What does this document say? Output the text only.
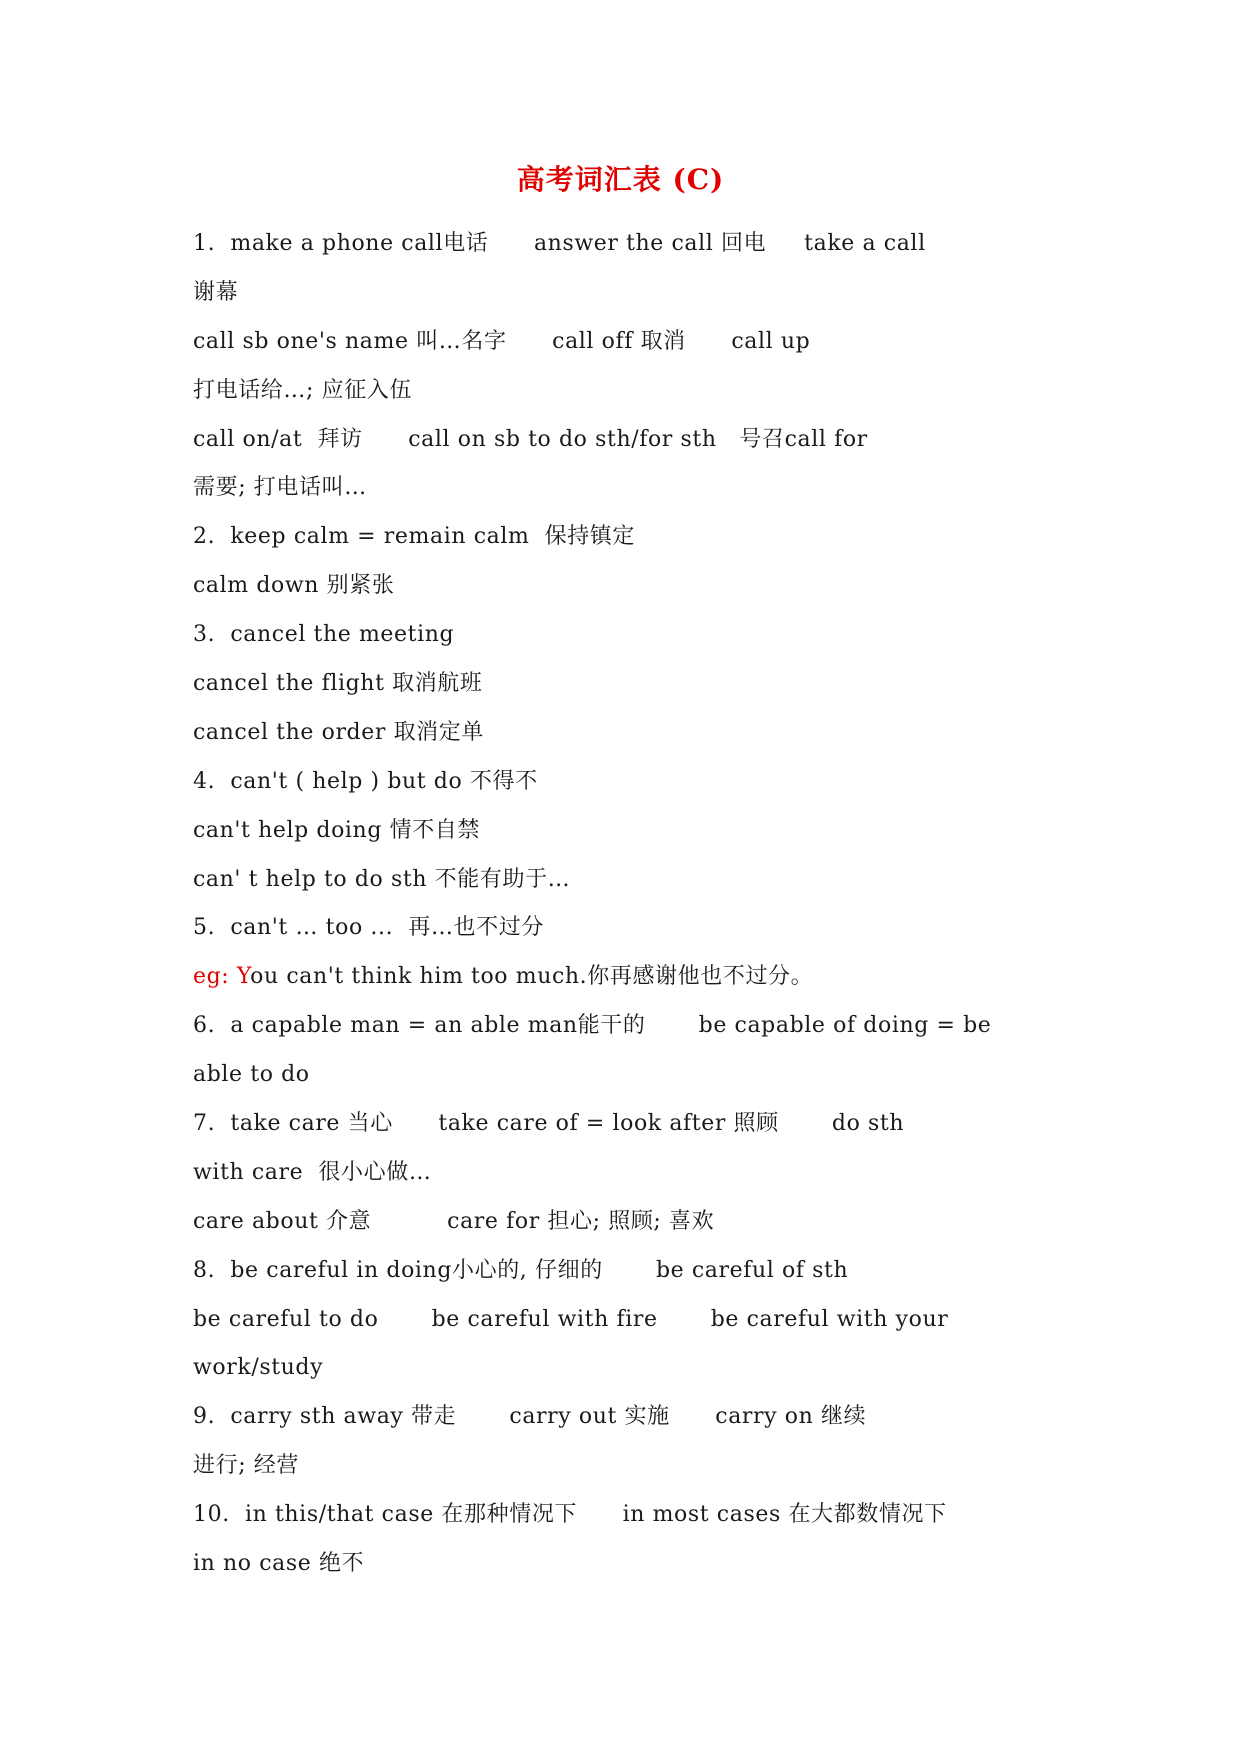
高考词汇表 (C)
1.  make a phone call电话      answer the call 回电     take a call
谢幕
call sb one's name 叫…名字      call off 取消      call up
打电话给…; 应征入伍
call on/at  拜访      call on sb to do sth/for sth   号召call for
需要; 打电话叫…
2.  keep calm = remain calm  保持镇定
calm down 别紧张
3.  cancel the meeting
cancel the flight 取消航班
cancel the order 取消定单
4.  can't ( help ) but do 不得不
can't help doing 情不自禁
can' t help to do sth 不能有助于…
5.  can't … too ...  再…也不过分
eg: You can't think him too much.你再感谢他也不过分。
6.  a capable man = an able man能干的       be capable of doing = be
able to do
7.  take care 当心      take care of = look after 照顾       do sth
with care  很小心做…
care about 介意          care for 担心; 照顾; 喜欢
8.  be careful in doing小心的, 仔细的       be careful of sth
be careful to do       be careful with fire       be careful with your
work/study
9.  carry sth away 带走       carry out 实施      carry on 继续
进行; 经营
10.  in this/that case 在那种情况下      in most cases 在大都数情况下
in no case 绝不
